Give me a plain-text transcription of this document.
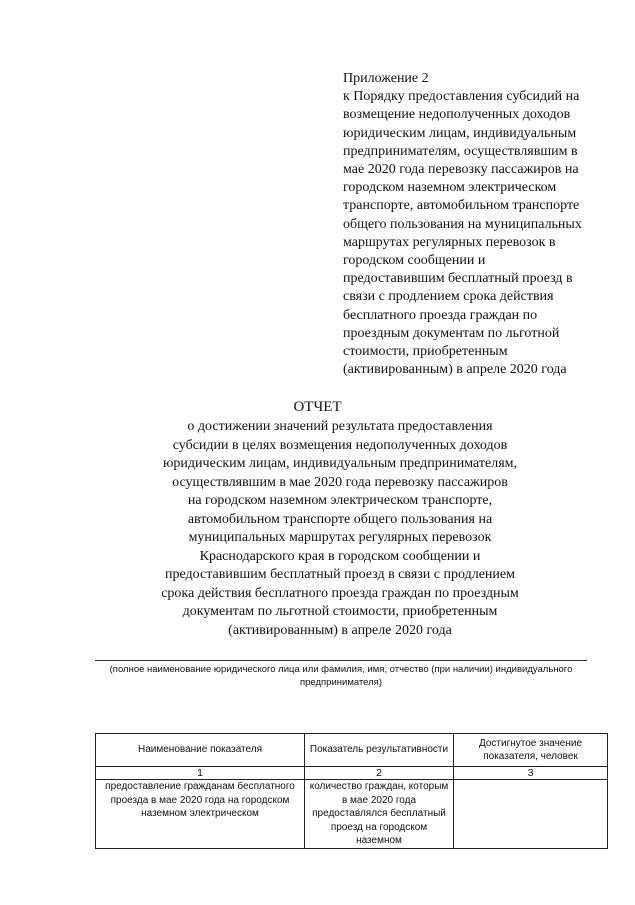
Приложение 2
к Порядку предоставления субсидий на
возмещение недополученных доходов
юридическим лицам, индивидуальным
предпринимателям, осуществлявшим в
мае 2020 года перевозку пассажиров на
городском наземном электрическом
транспорте, автомобильном транспорте
общего пользования на муниципальных
маршрутах регулярных перевозок в
городском сообщении и
предоставившим бесплатный проезд в
связи с продлением срока действия
бесплатного проезда граждан по
проездным документам по льготной
стоимости, приобретенным
(активированным) в апреле 2020 года
ОТЧЕТ
о достижении значений результата предоставления
субсидии в целях возмещения недополученных доходов
юридическим лицам, индивидуальным предпринимателям,
осуществлявшим в мае 2020 года перевозку пассажиров
на городском наземном электрическом транспорте,
автомобильном транспорте общего пользования на
муниципальных маршрутах регулярных перевозок
Краснодарского края в городском сообщении и
предоставившим бесплатный проезд в связи с продлением
срока действия бесплатного проезда граждан по проездным
документам по льготной стоимости, приобретенным
(активированным) в апреле 2020 года
(полное наименование юридического лица или фамилия, имя, отчество (при наличии) индивидуального
предпринимателя)
Наименование показателя	Показатель результативности	Достигнутое значение показателя, человек
1	2	3
предоставление гражданам бесплатного проезда в мае 2020 года на городском наземном электрическом	количество граждан, которым в мае 2020 года предоставлялся бесплатный проезд на городском наземном	
